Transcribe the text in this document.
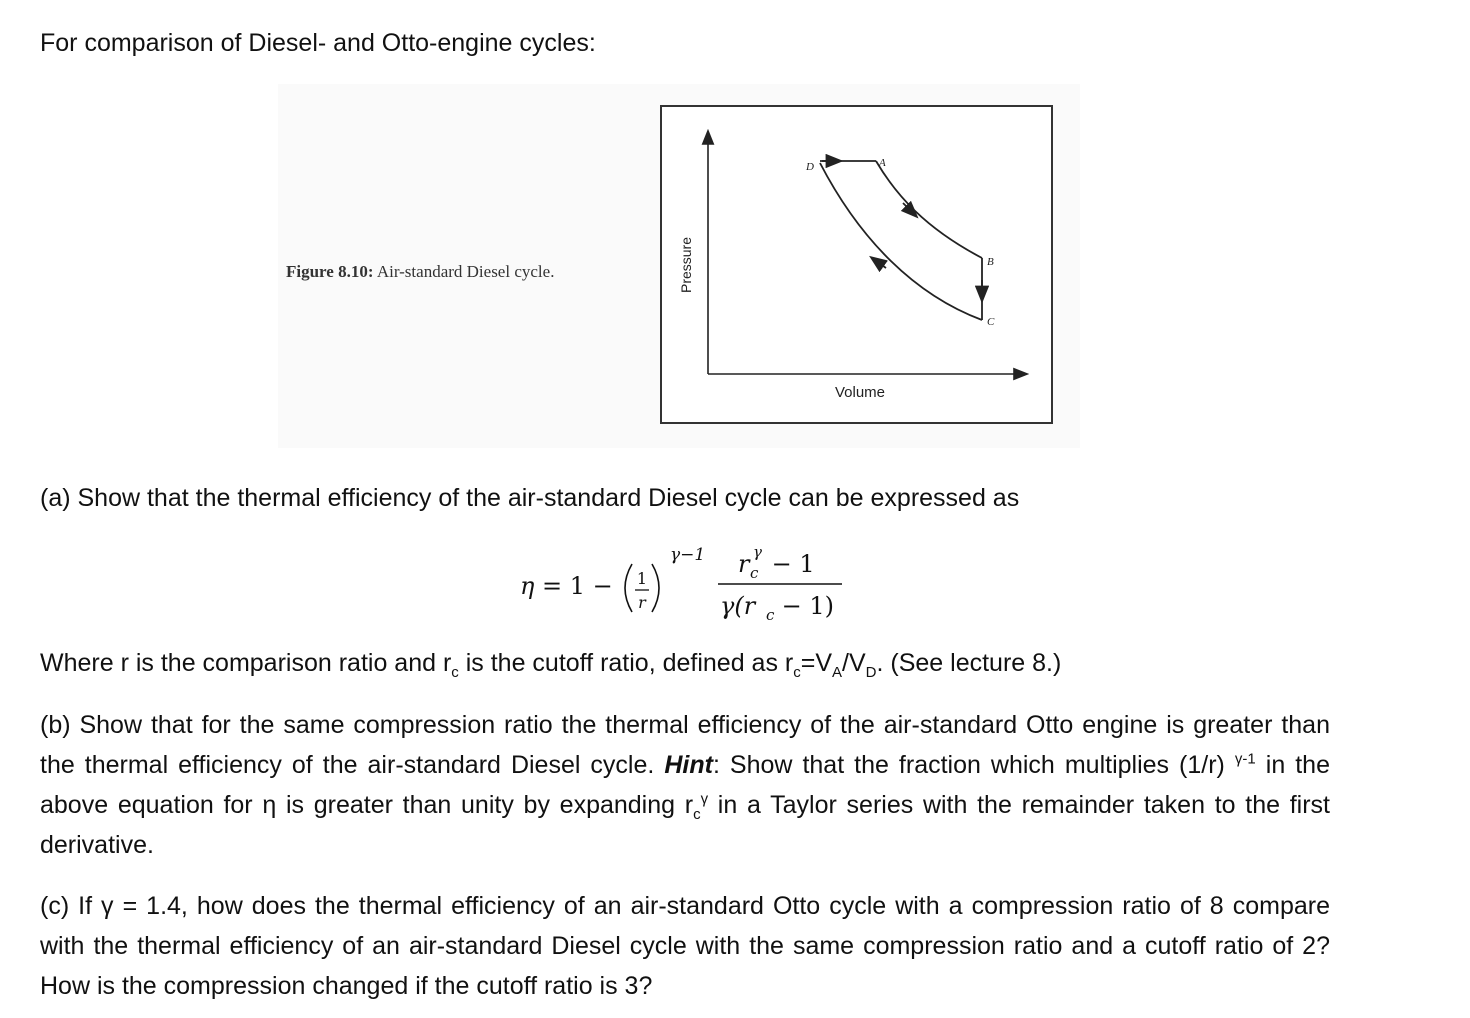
For comparison of Diesel- and Otto-engine cycles:

Figure 8.10: Air-standard Diesel cycle.	Pressure
Volume
D	A
B
C

(a) Show that the thermal efficiency of the air-standard Diesel cycle can be expressed as

η = 1 − 1
r
γ−1 r c
γ − 1
γ(r c − 1)

Where r is the comparison ratio and $r_c$ is the cutoff ratio, defined as $r_c=V_A/V_D$. (See lecture 8.)

(b) Show that for the same compression ratio the thermal efficiency of the air-standard Otto engine is greater than the thermal efficiency of the air-standard Diesel cycle. Hint: Show that the fraction which multiplies (1/r) $^{\gamma-1}$ in the above equation for η is greater than unity by expanding $r_c^\gamma$ in a Taylor series with the remainder taken to the first derivative.

(c) If γ = 1.4, how does the thermal efficiency of an air-standard Otto cycle with a compression ratio of 8 compare with the thermal efficiency of an air-standard Diesel cycle with the same compression ratio and a cutoff ratio of 2? How is the compression changed if the cutoff ratio is 3?
